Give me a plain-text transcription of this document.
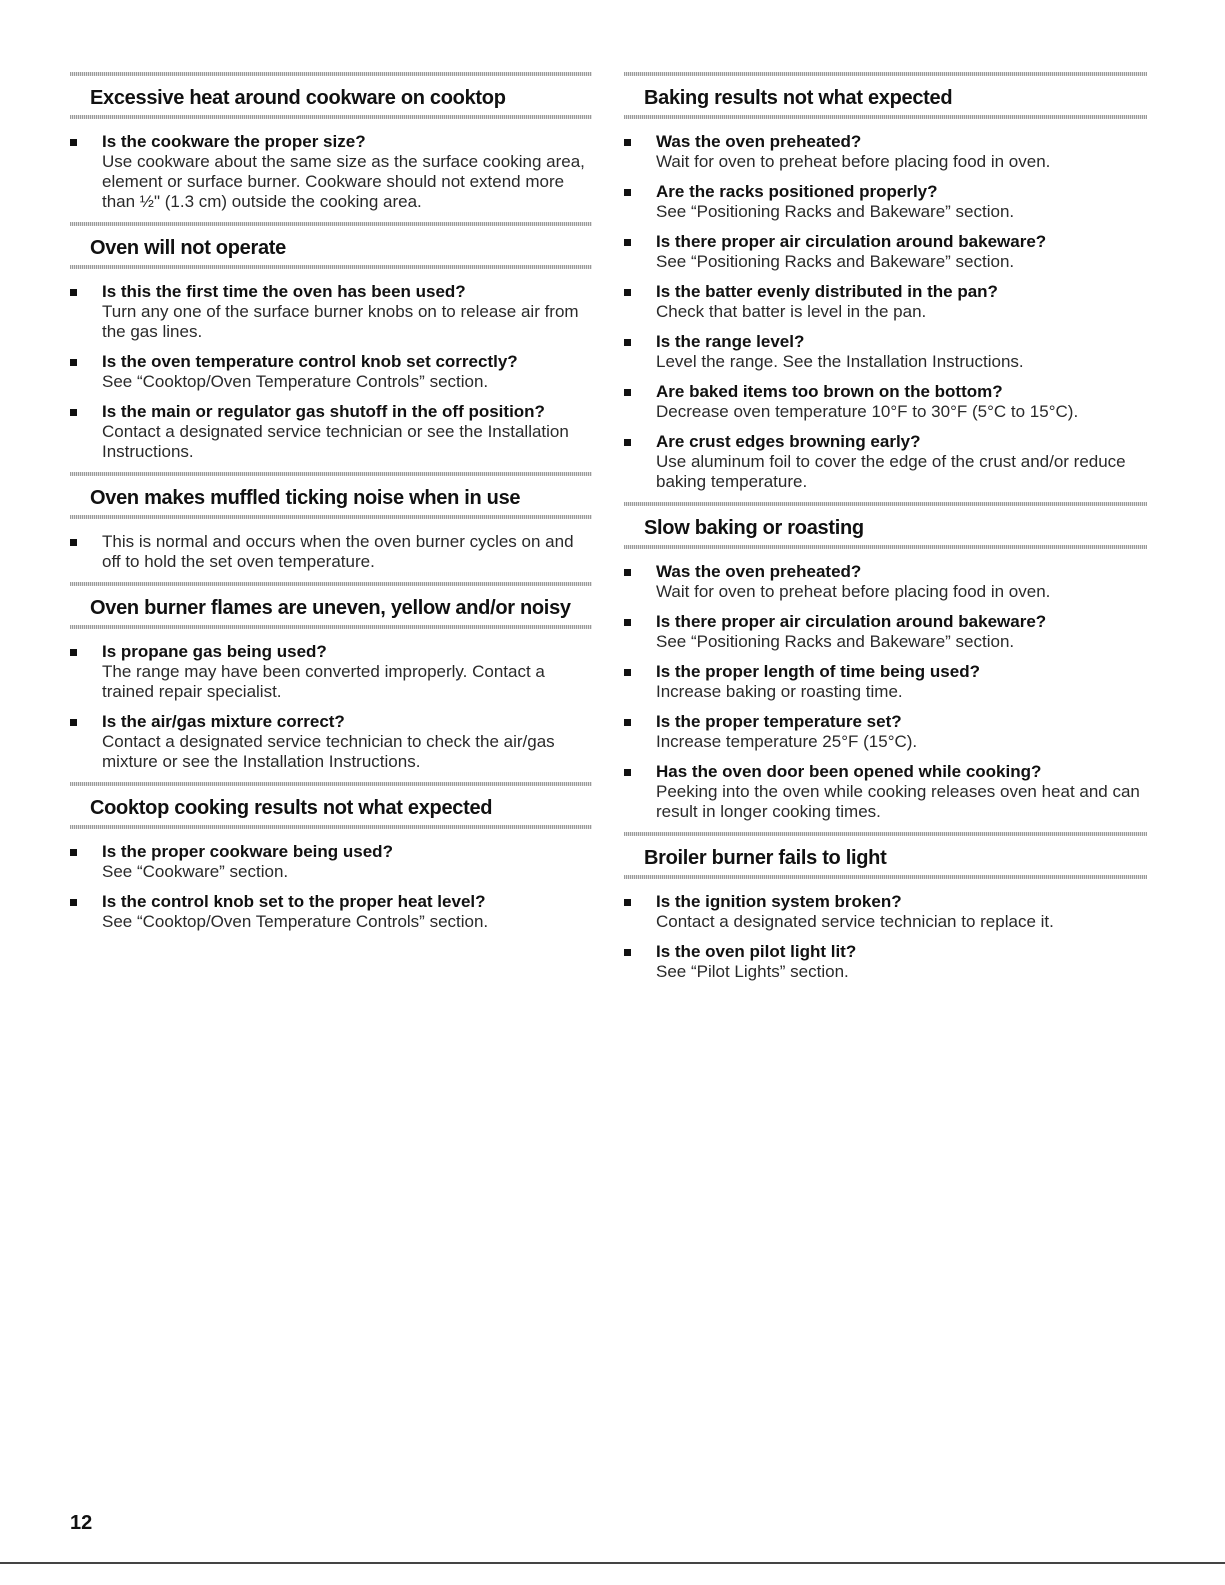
Excessive heat around cookware on cooktop
Is the cookware the proper size?
Use cookware about the same size as the surface cooking area, element or surface burner. Cookware should not extend more than ½" (1.3 cm) outside the cooking area.
Oven will not operate
Is this the first time the oven has been used?
Turn any one of the surface burner knobs on to release air from the gas lines.
Is the oven temperature control knob set correctly?
See “Cooktop/Oven Temperature Controls” section.
Is the main or regulator gas shutoff in the off position?
Contact a designated service technician or see the Installation Instructions.
Oven makes muffled ticking noise when in use
This is normal and occurs when the oven burner cycles on and off to hold the set oven temperature.
Oven burner flames are uneven, yellow and/or noisy
Is propane gas being used?
The range may have been converted improperly. Contact a trained repair specialist.
Is the air/gas mixture correct?
Contact a designated service technician to check the air/gas mixture or see the Installation Instructions.
Cooktop cooking results not what expected
Is the proper cookware being used?
See “Cookware” section.
Is the control knob set to the proper heat level?
See “Cooktop/Oven Temperature Controls” section.
Baking results not what expected
Was the oven preheated?
Wait for oven to preheat before placing food in oven.
Are the racks positioned properly?
See “Positioning Racks and Bakeware” section.
Is there proper air circulation around bakeware?
See “Positioning Racks and Bakeware” section.
Is the batter evenly distributed in the pan?
Check that batter is level in the pan.
Is the range level?
Level the range. See the Installation Instructions.
Are baked items too brown on the bottom?
Decrease oven temperature 10°F to 30°F (5°C to 15°C).
Are crust edges browning early?
Use aluminum foil to cover the edge of the crust and/or reduce baking temperature.
Slow baking or roasting
Was the oven preheated?
Wait for oven to preheat before placing food in oven.
Is there proper air circulation around bakeware?
See “Positioning Racks and Bakeware” section.
Is the proper length of time being used?
Increase baking or roasting time.
Is the proper temperature set?
Increase temperature 25°F (15°C).
Has the oven door been opened while cooking?
Peeking into the oven while cooking releases oven heat and can result in longer cooking times.
Broiler burner fails to light
Is the ignition system broken?
Contact a designated service technician to replace it.
Is the oven pilot light lit?
See “Pilot Lights” section.
12
